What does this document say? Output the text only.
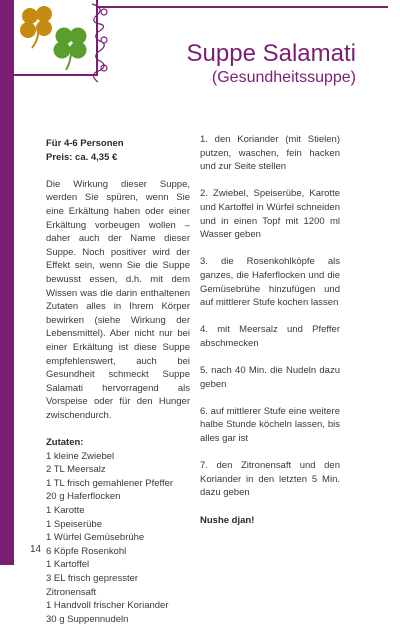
Suppe Salamati
(Gesundheitssuppe)
Für 4-6 Personen
Preis: ca. 4,35 €
Die Wirkung dieser Suppe, werden Sie spüren, wenn Sie eine Erkältung haben oder einer Erkältung vorbeugen wollen – daher auch der Name dieser Suppe. Noch positiver wird der Effekt sein, wenn Sie die Suppe bewusst essen, d.h. mit dem Wissen was die darin enthaltenen Zutaten alles in Ihrem Körper bewirken (siehe Wirkung der Lebensmittel). Aber nicht nur bei einer Erkältung ist diese Suppe empfehlenswert, auch bei Gesundheit schmeckt Suppe Salamati hervorragend als Vorspeise oder für den Hunger zwischendurch.
Zutaten:
1 kleine Zwiebel
2 TL Meersalz
1 TL frisch gemahlener Pfeffer
20 g Haferflocken
1 Karotte
1 Speiserübe
1 Würfel Gemüsebrühe
6 Köpfe Rosenkohl
1 Kartoffel
3 EL frisch gepresster Zitronensaft
1 Handvoll frischer Koriander
30 g Suppennudeln

1. den Koriander (mit Stielen) putzen, waschen, fein hacken und zur Seite stellen

2. Zwiebel, Speiserübe, Karotte und Kartoffel in Würfel schneiden und in einen Topf mit 1200 ml Wasser geben

3. die Rosenkohlköpfe als ganzes, die Haferflocken und die Gemüsebrühe hinzufügen und auf mittlerer Stufe kochen lassen

4. mit Meersalz und Pfeffer abschmecken

5. nach 40 Min. die Nudeln dazu geben

6. auf mittlerer Stufe eine weitere halbe Stunde köcheln lassen, bis alles gar ist

7. den Zitronensaft und den Koriander in den letzten 5 Min. dazu geben

Nushe djan!
14
